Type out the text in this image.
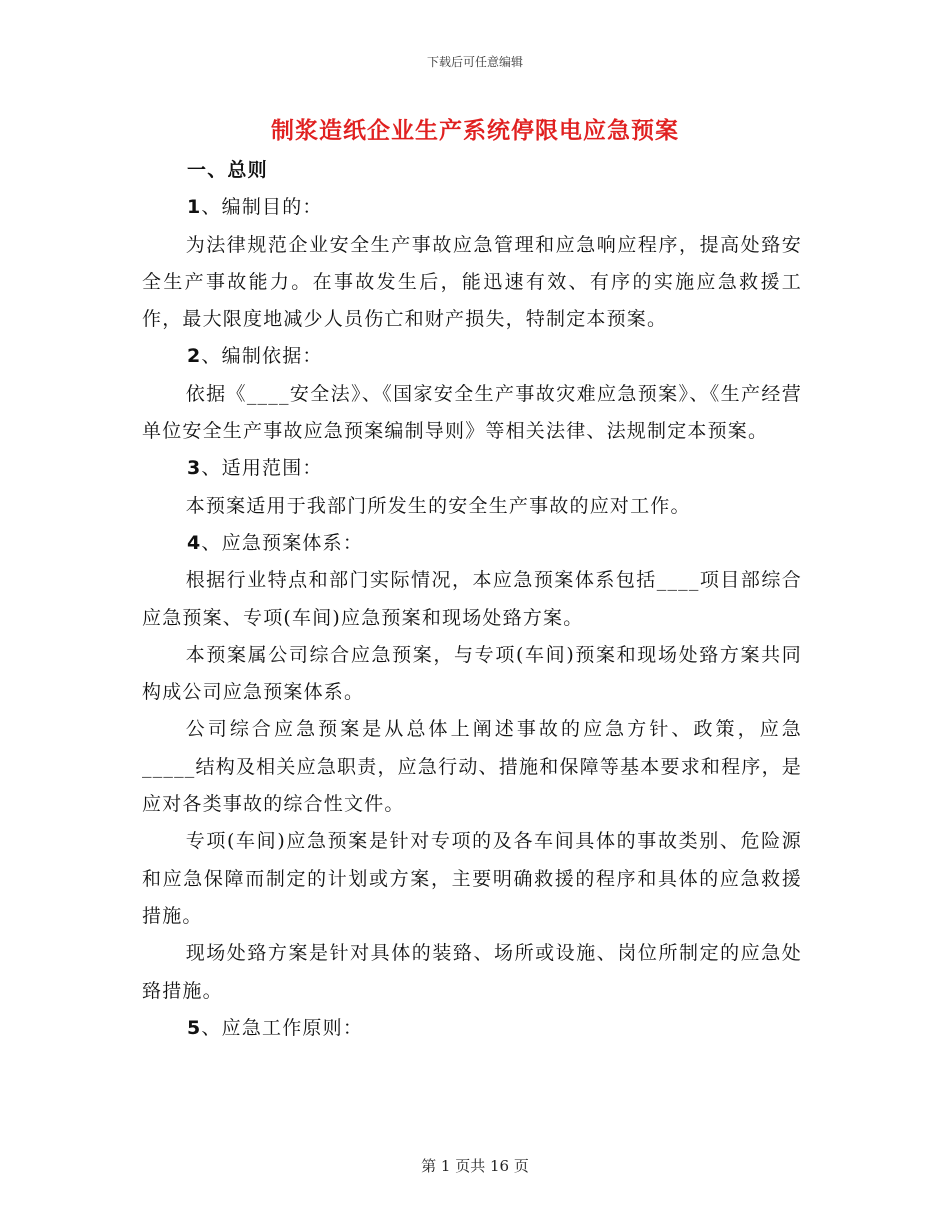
下载后可任意编辑
制浆造纸企业生产系统停限电应急预案

一、总则

1、编制目的：

为法律规范企业安全生产事故应急管理和应急响应程序，提高处臵安全生产事故能力。在事故发生后，能迅速有效、有序的实施应急救援工作，最大限度地减少人员伤亡和财产损失，特制定本预案。

2、编制依据：

依据《____安全法》、《国家安全生产事故灾难应急预案》、《生产经营单位安全生产事故应急预案编制导则》等相关法律、法规制定本预案。

3、适用范围：

本预案适用于我部门所发生的安全生产事故的应对工作。

4、应急预案体系：

根据行业特点和部门实际情况，本应急预案体系包括____项目部综合应急预案、专项(车间)应急预案和现场处臵方案。

本预案属公司综合应急预案，与专项(车间)预案和现场处臵方案共同构成公司应急预案体系。

公司综合应急预案是从总体上阐述事故的应急方针、政策，应急_____结构及相关应急职责，应急行动、措施和保障等基本要求和程序，是应对各类事故的综合性文件。

专项(车间)应急预案是针对专项的及各车间具体的事故类别、危险源和应急保障而制定的计划或方案，主要明确救援的程序和具体的应急救援措施。

现场处臵方案是针对具体的装臵、场所或设施、岗位所制定的应急处臵措施。

5、应急工作原则：

第 1 页共 16 页
